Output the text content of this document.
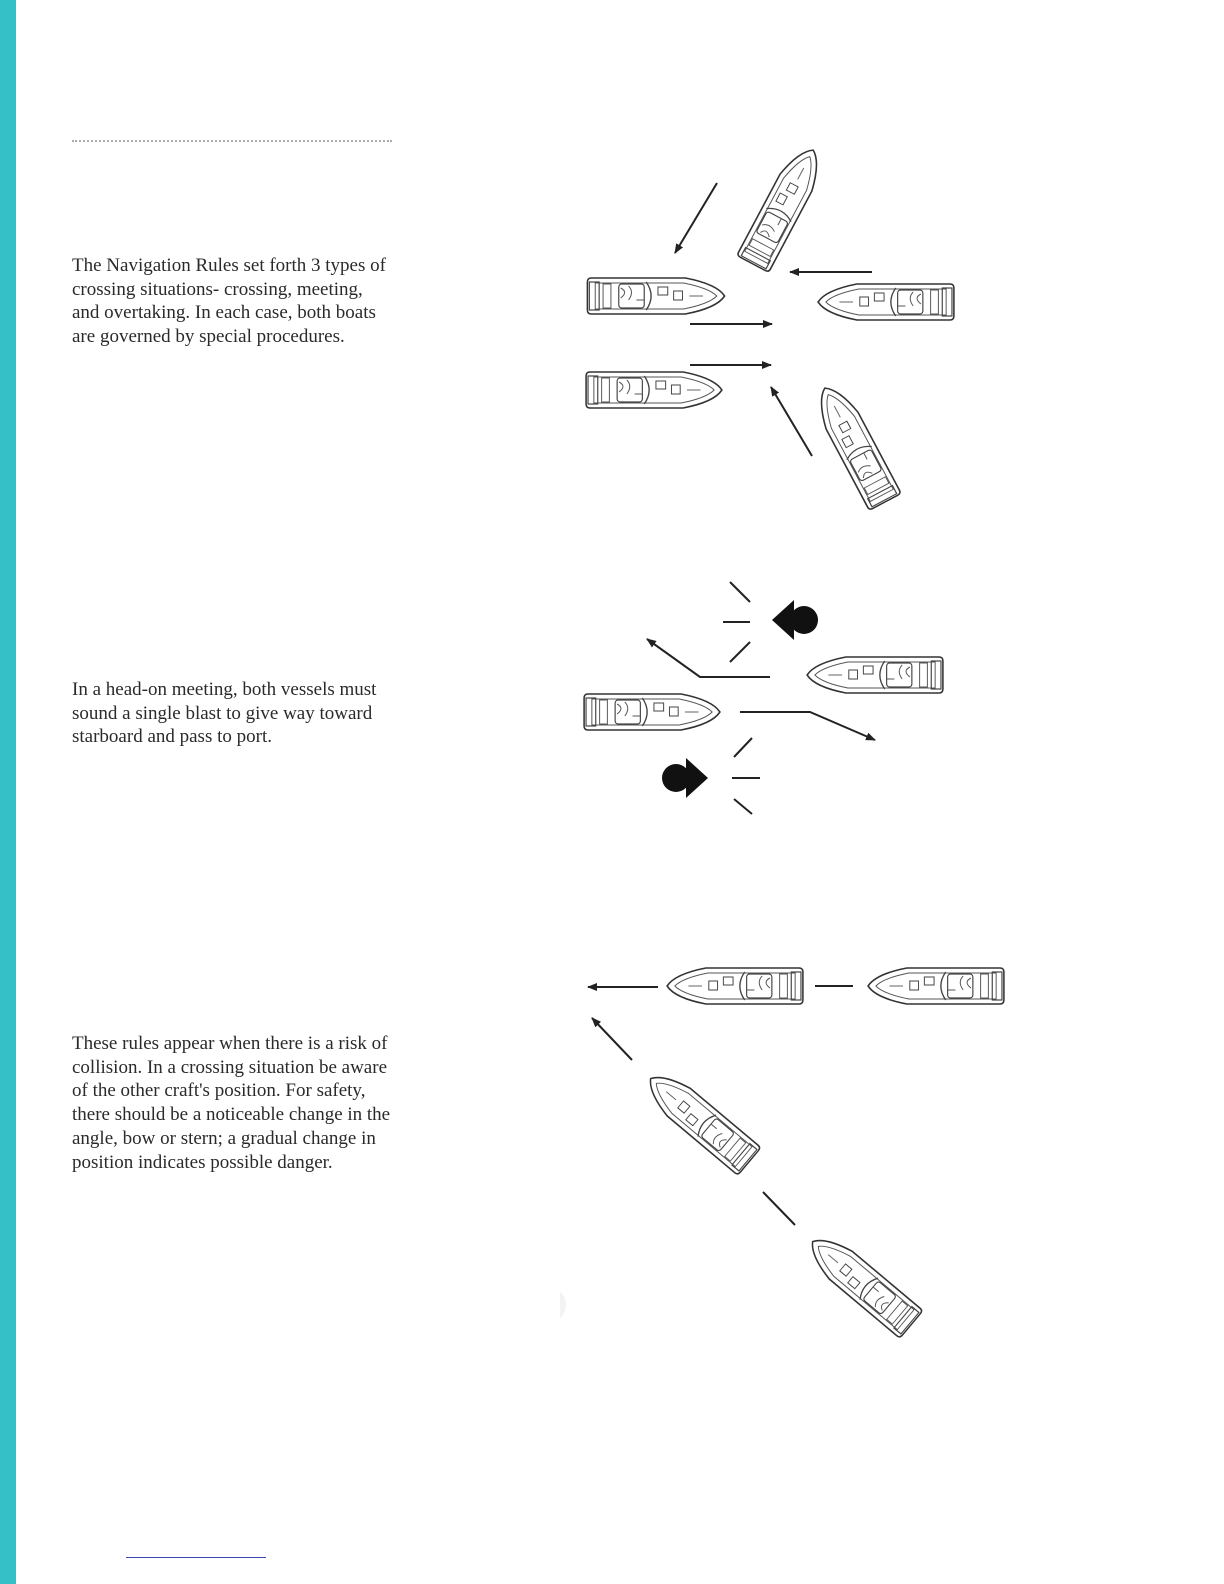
The Navigation Rules set forth 3 types of crossing situations- crossing, meeting, and overtaking. In each case, both boats are governed by special procedures.

In a head-on meeting, both vessels must sound a single blast to give way toward starboard and pass to port.

These rules appear when there is a risk of collision. In a crossing situation be aware of the other craft's position. For safety, there should be a noticeable change in the angle, bow or stern; a gradual change in position indicates possible danger.
